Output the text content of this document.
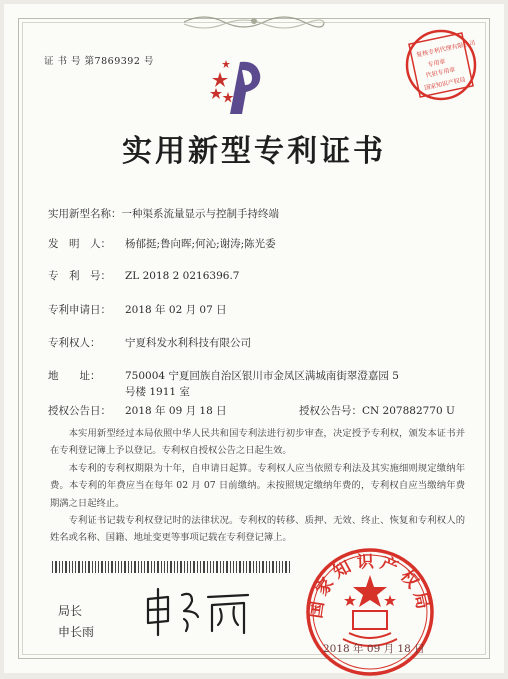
证 书 号 第7869392 号
复核专利代理有限公司
专用章
代拍专用章
国家知识产权局
实用新型专利证书
实用新型名称：一种渠系流量显示与控制手持终端
发　明　人： 杨郁挺;鲁向晖;何沁;谢涛;陈光委
专　利　号： ZL 2018 2 0216396.7
专利申请日： 2018 年 02 月 07 日
专利权人： 宁夏科发水利科技有限公司
地　　址： 750004 宁夏回族自治区银川市金凤区满城南街翠澄嘉园 5
号楼 1911 室
授权公告日： 2018 年 09 月 18 日	授权公告号：CN 207882770 U

本实用新型经过本局依照中华人民共和国专利法进行初步审查，决定授予专利权，颁发本证书并在专利登记簿上予以登记。专利权自授权公告之日起生效。

本专利的专利权期限为十年，自申请日起算。专利权人应当依照专利法及其实施细则规定缴纳年费。本专利的年费应当在每年 02 月 07 日前缴纳。未按照规定缴纳年费的，专利权自应当缴纳年费期满之日起终止。

专利证书记载专利权登记时的法律状况。专利权的转移、质押、无效、终止、恢复和专利权人的姓名或名称、国籍、地址变更等事项记载在专利登记簿上。

局长
申长雨
国家知识产权局
2018 年 09 月 18 日
